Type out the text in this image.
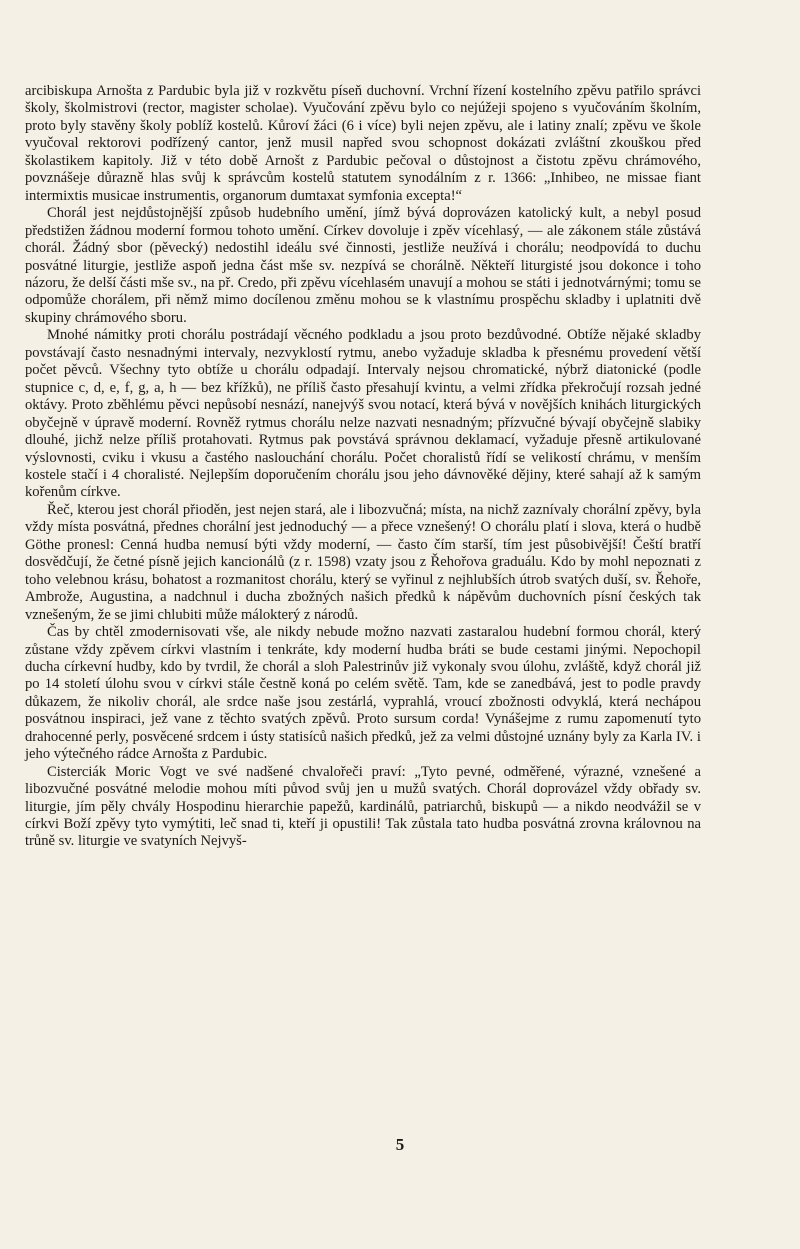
arcibiskupa Arnošta z Pardubic byla již v rozkvětu píseň duchovní. Vrchní řízení kostelního zpěvu patřilo správci školy, školmistrovi (rector, magister scholae). Vyučování zpěvu bylo co nejúžeji spojeno s vyučováním školním, proto byly stavěny školy poblíž kostelů. Kůroví žáci (6 i více) byli nejen zpěvu, ale i latiny znalí; zpěvu ve škole vyučoval rektorovi podřízený cantor, jenž musil napřed svou schopnost dokázati zvláštní zkouškou před školastikem kapitoly. Již v této době Arnošt z Pardubic pečoval o důstojnost a čistotu zpěvu chrámového, povznášeje důrazně hlas svůj k správcům kostelů statutem synodálním z r. 1366: „Inhibeo, ne missae fiant intermixtis musicae instrumentis, organorum dumtaxat symfonia excepta!“

Chorál jest nejdůstojnější způsob hudebního umění, jímž bývá doprovázen katolický kult, a nebyl posud předstižen žádnou moderní formou tohoto umění. Církev dovoluje i zpěv vícehlasý, — ale zákonem stále zůstává chorál. Žádný sbor (pěvecký) nedostihl ideálu své činnosti, jestliže neužívá i chorálu; neodpovídá to duchu posvátné liturgie, jestliže aspoň jedna část mše sv. nezpívá se chorálně. Někteří liturgisté jsou dokonce i toho názoru, že delší části mše sv., na př. Credo, při zpěvu vícehlasém unavují a mohou se státi i jednotvárnými; tomu se odpomůže chorálem, při němž mimo docílenou změnu mohou se k vlastnímu prospěchu skladby i uplatniti dvě skupiny chrámového sboru.

Mnohé námitky proti chorálu postrádají věcného podkladu a jsou proto bezdůvodné. Obtíže nějaké skladby povstávají často nesnadnými intervaly, nezvyklostí rytmu, anebo vyžaduje skladba k přesnému provedení větší počet pěvců. Všechny tyto obtíže u chorálu odpadají. Intervaly nejsou chromatické, nýbrž diatonické (podle stupnice c, d, e, f, g, a, h — bez křížků), ne příliš často přesahují kvintu, a velmi zřídka překročují rozsah jedné oktávy. Proto zběhlému pěvci nepůsobí nesnází, nanejvýš svou notací, která bývá v novějších knihách liturgických obyčejně v úpravě moderní. Rovněž rytmus chorálu nelze nazvati nesnadným; přízvučné bývají obyčejně slabiky dlouhé, jichž nelze příliš protahovati. Rytmus pak povstává správnou deklamací, vyžaduje přesně artikulované výslovnosti, cviku i vkusu a častého naslouchání chorálu. Počet choralistů řídí se velikostí chrámu, v menším kostele stačí i 4 choralisté. Nejlepším doporučením chorálu jsou jeho dávnověké dějiny, které sahají až k samým kořenům církve.

Řeč, kterou jest chorál přioděn, jest nejen stará, ale i libozvučná; místa, na nichž zaznívaly chorální zpěvy, byla vždy místa posvátná, přednes chorální jest jednoduchý — a přece vznešený! O chorálu platí i slova, která o hudbě Göthe pronesl: Cenná hudba nemusí býti vždy moderní, — často čím starší, tím jest působivější! Čeští bratří dosvědčují, že četné písně jejich kancionálů (z r. 1598) vzaty jsou z Řehořova graduálu. Kdo by mohl nepoznati z toho velebnou krásu, bohatost a rozmanitost chorálu, který se vyřinul z nejhlubších útrob svatých duší, sv. Řehoře, Ambrože, Augustina, a nadchnul i ducha zbožných našich předků k nápěvům duchovních písní českých tak vznešeným, že se jimi chlubiti může málokterý z národů.

Čas by chtěl zmodernisovati vše, ale nikdy nebude možno nazvati zastaralou hudební formou chorál, který zůstane vždy zpěvem církvi vlastním i tenkráte, kdy moderní hudba bráti se bude cestami jinými. Nepochopil ducha církevní hudby, kdo by tvrdil, že chorál a sloh Palestrinův již vykonaly svou úlohu, zvláště, když chorál již po 14 století úlohu svou v církvi stále čestně koná po celém světě. Tam, kde se zanedbává, jest to podle pravdy důkazem, že nikoliv chorál, ale srdce naše jsou zestárlá, vyprahlá, vroucí zbožnosti odvyklá, která nechápou posvátnou inspiraci, jež vane z těchto svatých zpěvů. Proto sursum corda! Vynášejme z rumu zapomenutí tyto drahocenné perly, posvěcené srdcem i ústy statisíců našich předků, jež za velmi důstojné uznány byly za Karla IV. i jeho výtečného rádce Arnošta z Pardubic.

Cisterciák Moric Vogt ve své nadšené chvalořeči praví: „Tyto pevné, odměřené, výrazné, vznešené a libozvučné posvátné melodie mohou míti původ svůj jen u mužů svatých. Chorál doprovázel vždy obřady sv. liturgie, jím pěly chvály Hospodinu hierarchie papežů, kardinálů, patriarchů, biskupů — a nikdo neodvážil se v církvi Boží zpěvy tyto vymýtiti, leč snad ti, kteří ji opustili! Tak zůstala tato hudba posvátná zrovna královnou na trůně sv. liturgie ve svatyních Nejvyš-

5
